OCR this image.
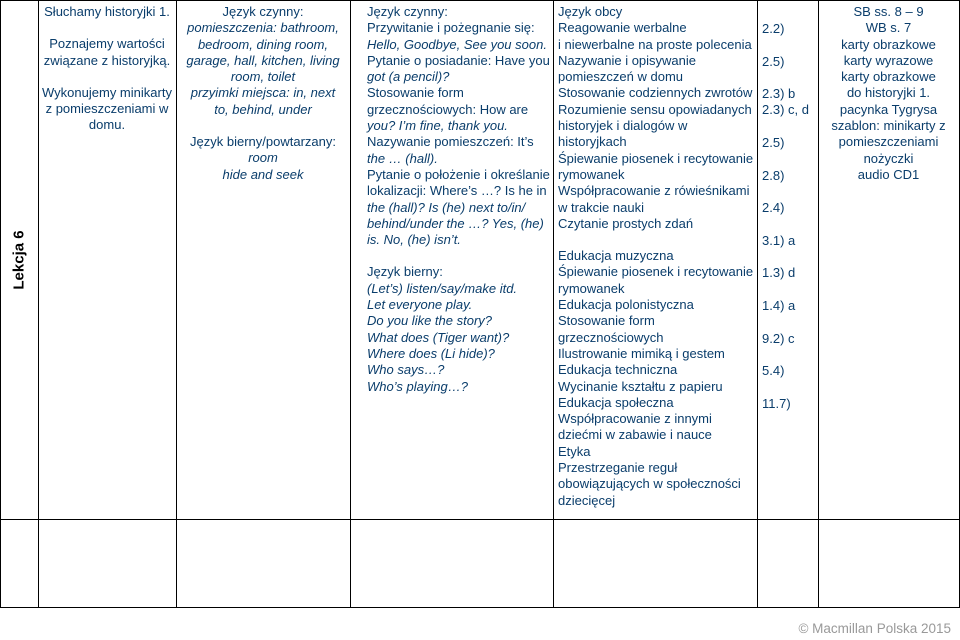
Lekcja 6

Słuchamy historyjki 1.

Poznajemy wartości związane z historyjką.

Wykonujemy minikarty z pomieszczeniami w domu.

Język czynny:
pomieszczenia: bathroom,
bedroom, dining room,
garage, hall, kitchen, living
room, toilet
przyimki miejsca: in, next
to, behind, under
Język bierny/powtarzany:
room
hide and seek
Język czynny:
Przywitanie i pożegnanie się:
Hello, Goodbye, See you soon.
Pytanie o posiadanie: Have you
got (a pencil)?
Stosowanie form
grzecznościowych: How are
you? I’m fine, thank you.
Nazywanie pomieszczeń: It’s
the … (hall).
Pytanie o położenie i określanie
lokalizacji: Where’s …? Is he in
the (hall)? Is (he) next to/in/
behind/under the …? Yes, (he)
is. No, (he) isn’t.
Język bierny:
(Let’s) listen/say/make itd.
Let everyone play.
Do you like the story?
What does (Tiger want)?
Where does (Li hide)?
Who says…?
Who’s playing…?
Język obcy
Reagowanie werbalne
i niewerbalne na proste polecenia
Nazywanie i opisywanie
pomieszczeń w domu
Stosowanie codziennych zwrotów
Rozumienie sensu opowiadanych
historyjek i dialogów w
historyjkach
Śpiewanie piosenek i recytowanie
rymowanek
Współpracowanie z rówieśnikami
w trakcie nauki
Czytanie prostych zdań
Edukacja muzyczna
Śpiewanie piosenek i recytowanie
rymowanek
Edukacja polonistyczna
Stosowanie form
grzecznościowych
Ilustrowanie mimiką i gestem
Edukacja techniczna
Wycinanie kształtu z papieru
Edukacja społeczna
Współpracowanie z innymi
dziećmi w zabawie i nauce
Etyka
Przestrzeganie reguł
obowiązujących w społeczności
dziecięcej
2.2)
2.5)
2.3) b
2.3) c, d
2.5)
2.8)
2.4)
3.1) a
1.3) d
1.4) a
9.2) c
5.4)
11.7)
SB ss. 8 – 9
WB s. 7
karty obrazkowe
karty wyrazowe
karty obrazkowe
do historyjki 1.
pacynka Tygrysa
szablon: minikarty z
pomieszczeniami
nożyczki
audio CD1
© Macmillan Polska 2015
